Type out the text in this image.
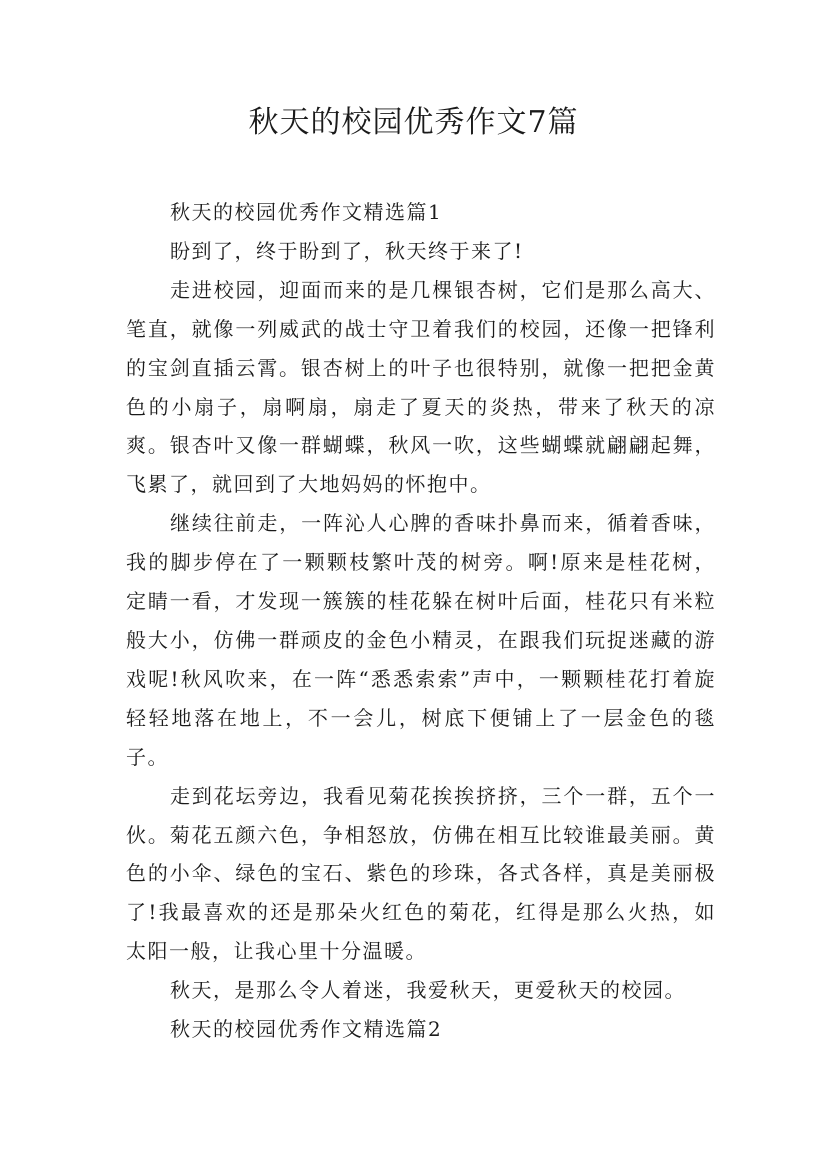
秋天的校园优秀作文7篇

秋天的校园优秀作文精选篇1

盼到了，终于盼到了，秋天终于来了!

走进校园，迎面而来的是几棵银杏树，它们是那么高大、笔直，就像一列威武的战士守卫着我们的校园，还像一把锋利的宝剑直插云霄。银杏树上的叶子也很特别，就像一把把金黄色的小扇子，扇啊扇，扇走了夏天的炎热，带来了秋天的凉爽。银杏叶又像一群蝴蝶，秋风一吹，这些蝴蝶就翩翩起舞，飞累了，就回到了大地妈妈的怀抱中。

继续往前走，一阵沁人心脾的香味扑鼻而来，循着香味，我的脚步停在了一颗颗枝繁叶茂的树旁。啊!原来是桂花树，定睛一看，才发现一簇簇的桂花躲在树叶后面，桂花只有米粒般大小，仿佛一群顽皮的金色小精灵，在跟我们玩捉迷藏的游戏呢!秋风吹来，在一阵“悉悉索索”声中，一颗颗桂花打着旋轻轻地落在地上，不一会儿，树底下便铺上了一层金色的毯子。

走到花坛旁边，我看见菊花挨挨挤挤，三个一群，五个一伙。菊花五颜六色，争相怒放，仿佛在相互比较谁最美丽。黄色的小伞、绿色的宝石、紫色的珍珠，各式各样，真是美丽极了!我最喜欢的还是那朵火红色的菊花，红得是那么火热，如太阳一般，让我心里十分温暖。

秋天，是那么令人着迷，我爱秋天，更爱秋天的校园。

秋天的校园优秀作文精选篇2
